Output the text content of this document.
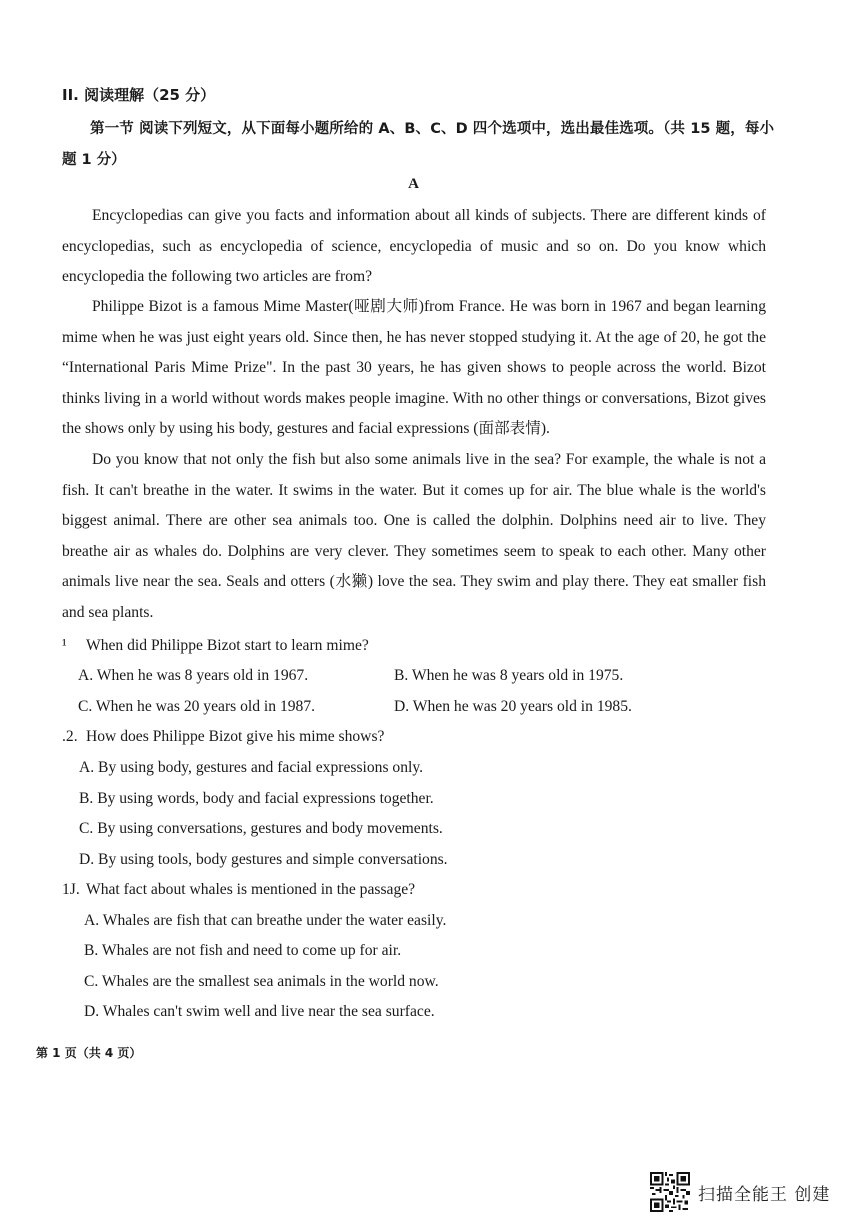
II. 阅读理解（25 分）
第一节 阅读下列短文，从下面每小题所给的 A、B、C、D 四个选项中，选出最佳选项。（共 15 题，每小题 1 分）
A

Encyclopedias can give you facts and information about all kinds of subjects. There are different kinds of encyclopedias, such as encyclopedia of science, encyclopedia of music and so on. Do you know which encyclopedia the following two articles are from?

Philippe Bizot is a famous Mime Master(哑剧大师)from France. He was born in 1967 and began learning mime when he was just eight years old. Since then, he has never stopped studying it. At the age of 20, he got the “International Paris Mime Prize". In the past 30 years, he has given shows to people across the world. Bizot thinks living in a world without words makes people imagine. With no other things or conversations, Bizot gives the shows only by using his body, gestures and facial expressions (面部表情).

Do you know that not only the fish but also some animals live in the sea? For example, the whale is not a fish. It can't breathe in the water. It swims in the water. But it comes up for air. The blue whale is the world's biggest animal. There are other sea animals too. One is called the dolphin. Dolphins need air to live. They breathe air as whales do. Dolphins are very clever. They sometimes seem to speak to each other. Many other animals live near the sea. Seals and otters (水獭) love the sea. They swim and play there. They eat smaller fish and sea plants.

¹ When did Philippe Bizot start to learn mime?
A. When he was 8 years old in 1967.	B. When he was 8 years old in 1975.
C. When he was 20 years old in 1987.	D. When he was 20 years old in 1985.
.2. How does Philippe Bizot give his mime shows?
A. By using body, gestures and facial expressions only.
B. By using words, body and facial expressions together.
C. By using conversations, gestures and body movements.
D. By using tools, body gestures and simple conversations.
1J. What fact about whales is mentioned in the passage?
A. Whales are fish that can breathe under the water easily.
B. Whales are not fish and need to come up for air.
C. Whales are the smallest sea animals in the world now.
D. Whales can't swim well and live near the sea surface.
第 1 页（共 4 页）
扫描全能王 创建
